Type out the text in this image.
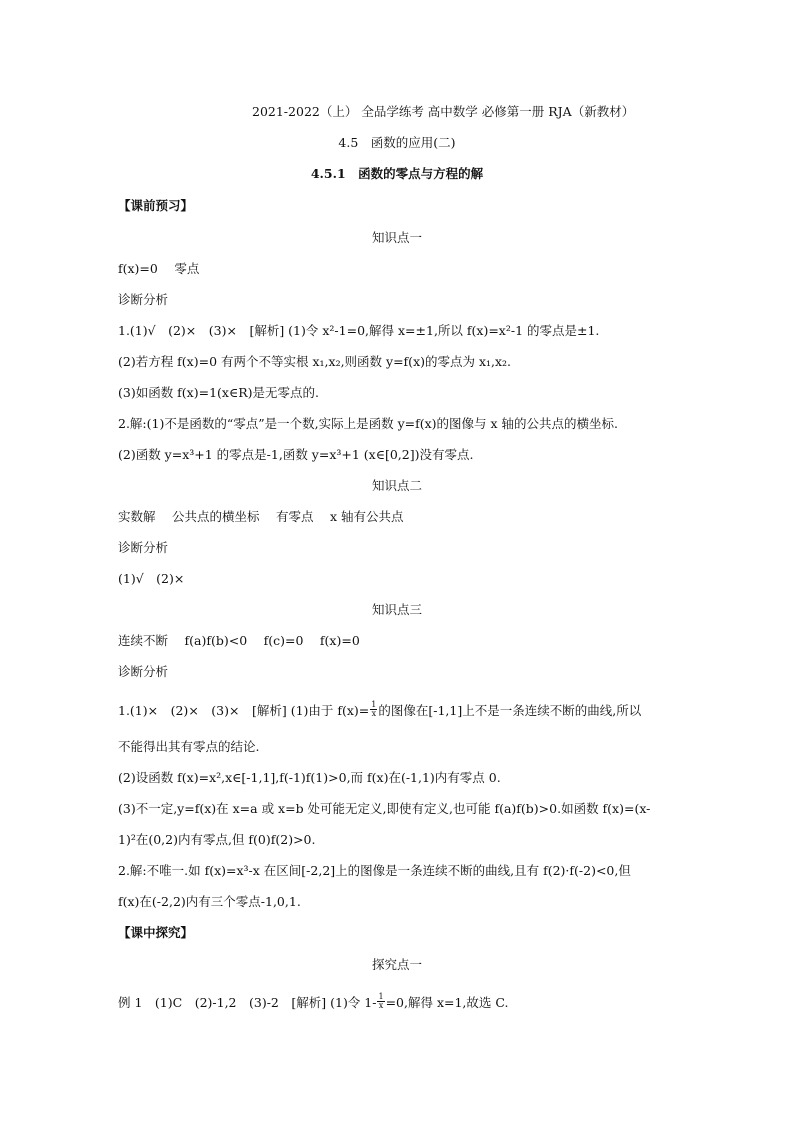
2021-2022（上） 全品学练考 高中数学 必修第一册 RJA（新教材）
4.5　函数的应用(二)
4.5.1　函数的零点与方程的解
【课前预习】
知识点一
f(x)=0　 零点
诊断分析
1.(1)√　(2)×　(3)×　[解析] (1)令 x²-1=0,解得 x=±1,所以 f(x)=x²-1 的零点是±1.
(2)若方程 f(x)=0 有两个不等实根 x₁,x₂,则函数 y=f(x)的零点为 x₁,x₂.
(3)如函数 f(x)=1(x∈R)是无零点的.
2.解:(1)不是函数的“零点”是一个数,实际上是函数 y=f(x)的图像与 x 轴的公共点的横坐标.
(2)函数 y=x³+1 的零点是-1,函数 y=x³+1 (x∈[0,2])没有零点.
知识点二
实数解　 公共点的横坐标　 有零点　 x 轴有公共点
诊断分析
(1)√　(2)×
知识点三
连续不断　 f(a)f(b)<0　 f(c)=0　 f(x)=0
诊断分析
1.(1)×　(2)×　(3)×　[解析] (1)由于 $f(x)= \frac{1}{x}$ 的图像在[-1,1]上不是一条连续不断的曲线,所以
不能得出其有零点的结论.
(2)设函数 f(x)=x²,x∈[-1,1],f(-1)f(1)>0,而 f(x)在(-1,1)内有零点 0.
(3)不一定,y=f(x)在 x=a 或 x=b 处可能无定义,即使有定义,也可能 f(a)f(b)>0.如函数 f(x)=(x-
1)²在(0,2)内有零点,但 f(0)f(2)>0.
2.解:不唯一.如 f(x)=x³-x 在区间[-2,2]上的图像是一条连续不断的曲线,且有 f(2)·f(-2)<0,但
f(x)在(-2,2)内有三个零点-1,0,1.
【课中探究】
探究点一
例 1　(1)C　(2)-1,2　(3)-2　[解析] (1)令 $1- \frac{1}{x} =0$,解得 x=1,故选 C.
